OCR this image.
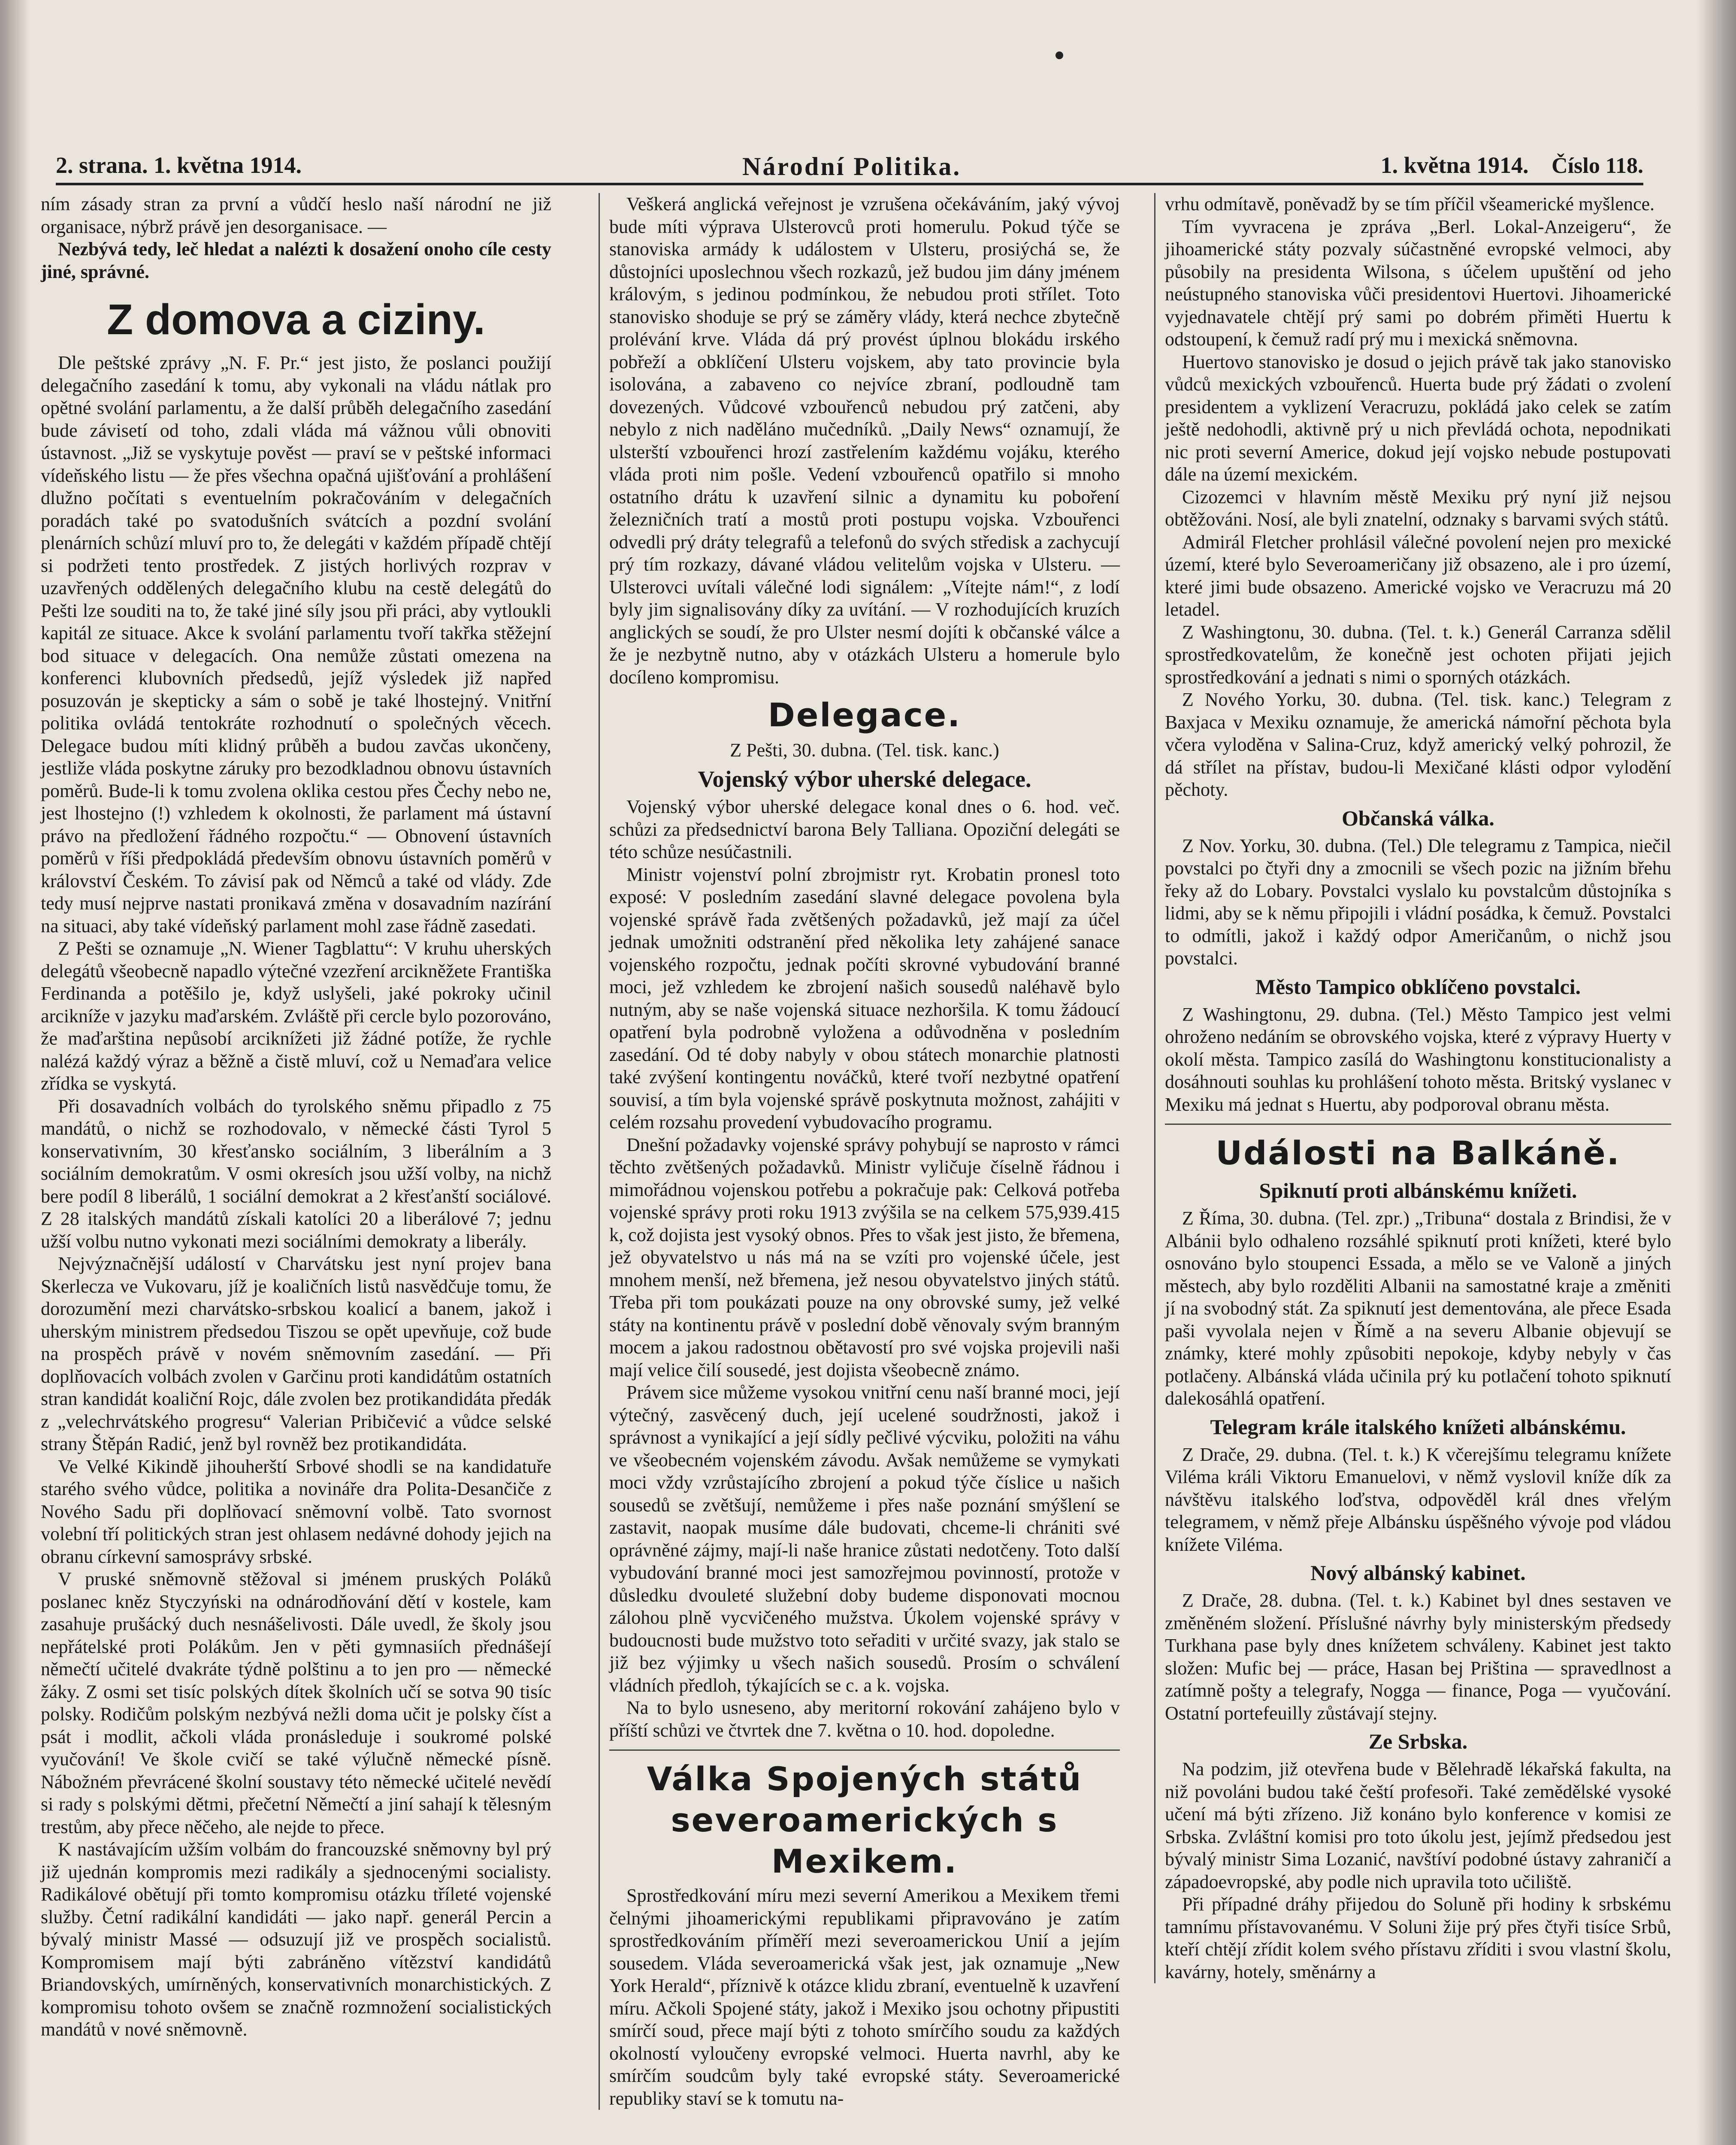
2. strana. 1. května 1914.	Národní Politika.	1. května 1914. Číslo 118.

ním zásady stran za první a vůdčí heslo naší národní ne již organisace, nýbrž právě jen desorganisace. —

Nezbývá tedy, leč hledat a nalézti k dosažení onoho cíle cesty jiné, správné.

Z domova a ciziny.

Dle peštské zprávy „N. F. Pr.“ jest jisto, že poslanci použijí delegačního zasedání k tomu, aby vykonali na vládu nátlak pro opětné svolání parlamentu, a že další průběh delegačního zasedání bude závisetí od toho, zdali vláda má vážnou vůli obnoviti ústavnost. „Již se vyskytuje pověst — praví se v peštské informaci vídeňského listu — že přes všechna opačná ujišťování a prohlášení dlužno počítati s eventuelním pokračováním v delegačních poradách také po svatodušních svátcích a pozdní svolání plenárních schůzí mluví pro to, že delegáti v každém případě chtějí si podržeti tento prostředek. Z jistých horlivých rozprav v uzavřených oddělených delegačního klubu na cestě delegátů do Pešti lze souditi na to, že také jiné síly jsou při práci, aby vytloukli kapitál ze situace. Akce k svolání parlamentu tvoří takřka stěžejní bod situace v delegacích. Ona nemůže zůstati omezena na konferenci klubovních předsedů, jejíž výsledek již napřed posuzován je skepticky a sám o sobě je také lhostejný. Vnitřní politika ovládá tentokráte rozhodnutí o společných věcech. Delegace budou míti klidný průběh a budou zavčas ukončeny, jestliže vláda poskytne záruky pro bezodkladnou obnovu ústavních poměrů. Bude-li k tomu zvolena oklika cestou přes Čechy nebo ne, jest lhostejno (!) vzhledem k okolnosti, že parlament má ústavní právo na předložení řádného rozpočtu.“ — Obnovení ústavních poměrů v říši předpokládá především obnovu ústavních poměrů v království Českém. To závisí pak od Němců a také od vlády. Zde tedy musí nejprve nastati pronikavá změna v dosavadním nazírání na situaci, aby také vídeňský parlament mohl zase řádně zasedati.

Z Pešti se oznamuje „N. Wiener Tagblattu“: V kruhu uherských delegátů všeobecně napadlo výtečné vzezření arcikněžete Františka Ferdinanda a potěšilo je, když uslyšeli, jaké pokroky učinil arcikníže v jazyku maďarském. Zvláště při cercle bylo pozorováno, že maďarština nepůsobí arciknížeti již žádné potíže, že rychle nalézá každý výraz a běžně a čistě mluví, což u Nemaďara velice zřídka se vyskytá.

Při dosavadních volbách do tyrolského sněmu připadlo z 75 mandátů, o nichž se rozhodovalo, v německé části Tyrol 5 konservativním, 30 křesťansko sociálním, 3 liberálním a 3 sociálním demokratům. V osmi okresích jsou užší volby, na nichž bere podíl 8 liberálů, 1 sociální demokrat a 2 křesťanští sociálové. Z 28 italských mandátů získali katolíci 20 a liberálové 7; jednu užší volbu nutno vykonati mezi sociálními demokraty a liberály.

Nejvýznačnější událostí v Charvátsku jest nyní projev bana Skerlecza ve Vukovaru, jíž je koaličních listů nasvědčuje tomu, že dorozumění mezi charvátsko-srbskou koalicí a banem, jakož i uherským ministrem předsedou Tiszou se opět upevňuje, což bude na prospěch právě v novém sněmovním zasedání. — Při doplňovacích volbách zvolen v Garčinu proti kandidátům ostatních stran kandidát koaliční Rojc, dále zvolen bez protikandidáta předák z „velechrvátského progresu“ Valerian Pribičević a vůdce selské strany Štěpán Radić, jenž byl rovněž bez protikandidáta.

Ve Velké Kikindě jihouherští Srbové shodli se na kandidatuře starého svého vůdce, politika a novináře dra Polita-Desančiče z Nového Sadu při doplňovací sněmovní volbě. Tato svornost volební tří politických stran jest ohlasem nedávné dohody jejich na obranu církevní samosprávy srbské.

V pruské sněmovně stěžoval si jménem pruských Poláků poslanec kněz Styczyński na odnárodňování dětí v kostele, kam zasahuje prušácký duch nesnášelivosti. Dále uvedl, že školy jsou nepřátelské proti Polákům. Jen v pěti gymnasiích přednášejí němečtí učitelé dvakráte týdně polštinu a to jen pro — německé žáky. Z osmi set tisíc polských dítek školních učí se sotva 90 tisíc polsky. Rodičům polským nezbývá nežli doma učit je polsky číst a psát i modlit, ačkoli vláda pronásleduje i soukromé polské vyučování! Ve škole cvičí se také výlučně německé písně. Nábožném převrácené školní soustavy této německé učitelé nevědí si rady s polskými dětmi, přečetní Němečtí a jiní sahají k tělesným trestům, aby přece něčeho, ale nejde to přece.

K nastávajícím užším volbám do francouzské sněmovny byl prý již ujednán kompromis mezi radikály a sjednocenými socialisty. Radikálové obětují při tomto kompromisu otázku tříleté vojenské služby. Četní radikální kandidáti — jako např. generál Percin a bývalý ministr Massé — odsuzují již ve prospěch socialistů. Kompromisem mají býti zabráněno vítězství kandidátů Briandovských, umírněných, konservativních monarchistických. Z kompromisu tohoto ovšem se značně rozmnožení socialistických mandátů v nové sněmovně.

Veškerá anglická veřejnost je vzrušena očekáváním, jaký vývoj bude míti výprava Ulsterovců proti homerulu. Pokud týče se stanoviska armády k událostem v Ulsteru, prosiýchá se, že důstojníci uposlechnou všech rozkazů, jež budou jim dány jménem královým, s jedinou podmínkou, že nebudou proti střílet. Toto stanovisko shoduje se prý se záměry vlády, která nechce zbytečně prolévání krve. Vláda dá prý provést úplnou blokádu irského pobřeží a obklíčení Ulsteru vojskem, aby tato provincie byla isolována, a zabaveno co nejvíce zbraní, podloudně tam dovezených. Vůdcové vzbouřenců nebudou prý zatčeni, aby nebylo z nich naděláno mučedníků. „Daily News“ oznamují, že ulsterští vzbouřenci hrozí zastřelením každému vojáku, kterého vláda proti nim pošle. Vedení vzbouřenců opatřilo si mnoho ostatního drátu k uzavření silnic a dynamitu ku poboření železničních tratí a mostů proti postupu vojska. Vzbouřenci odvedli prý dráty telegrafů a telefonů do svých středisk a zachycují prý tím rozkazy, dávané vládou velitelům vojska v Ulsteru. — Ulsterovci uvítali válečné lodi signálem: „Vítejte nám!“, z lodí byly jim signalisovány díky za uvítání. — V rozhodujících kruzích anglických se soudí, že pro Ulster nesmí dojíti k občanské válce a že je nezbytně nutno, aby v otázkách Ulsteru a homerule bylo docíleno kompromisu.

Delegace.
Z Pešti, 30. dubna. (Tel. tisk. kanc.)
Vojenský výbor uherské delegace.

Vojenský výbor uherské delegace konal dnes o 6. hod. več. schůzi za předsednictví barona Bely Tallianа. Opoziční delegáti se této schůze nesúčastnili.

Ministr vojenství polní zbrojmistr ryt. Krobatin pronesl toto exposé: V posledním zasedání slavné delegace povolena byla vojenské správě řada zvětšených požadavků, jež mají za účel jednak umožniti odstranění před několika lety zahájené sanace vojenského rozpočtu, jednak počíti skrovné vybudování branné moci, jež vzhledem ke zbrojení našich sousedů naléhavě bylo nutným, aby se naše vojenská situace nezhoršila. K tomu žádoucí opatření byla podrobně vyložena a odůvodněna v posledním zasedání. Od té doby nabyly v obou státech monarchie platnosti také zvýšení kontingentu nováčků, které tvoří nezbytné opatření souvisí, a tím byla vojenské správě poskytnuta možnost, zahájiti v celém rozsahu provedení vybudovacího programu.

Dnešní požadavky vojenské správy pohybují se naprosto v rámci těchto zvětšených požadavků. Ministr vyličuje číselně řádnou i mimořádnou vojenskou potřebu a pokračuje pak: Celková potřeba vojenské správy proti roku 1913 zvýšila se na celkem 575,939.415 k, což dojista jest vysoký obnos. Přes to však jest jisto, že břemena, jež obyvatelstvo u nás má na se vzíti pro vojenské účele, jest mnohem menší, než břemena, jež nesou obyvatelstvo jiných států. Třeba při tom poukázati pouze na ony obrovské sumy, jež velké státy na kontinentu právě v poslední době věnovaly svým branným mocem a jakou radostnou obětavostí pro své vojska projevili naši mají velice čilí sousedé, jest dojista všeobecně známo.

Právem sice můžeme vysokou vnitřní cenu naší branné moci, její výtečný, zasvěcený duch, její ucelené soudržnosti, jakož i správnost a vynikající a její sídly pečlivé výcviku, položiti na váhu ve všeobecném vojenském závodu. Avšak nemůžeme se vymykati moci vždy vzrůstajícího zbrojení a pokud týče číslice u našich sousedů se zvětšují, nemůžeme i přes naše poznání smýšlení se zastavit, naopak musíme dále budovati, chceme-li chrániti své oprávněné zájmy, mají-li naše hranice zůstati nedotčeny. Toto další vybudování branné moci jest samozřejmou povinností, protože v důsledku dvouleté služební doby budeme disponovati mocnou zálohou plně vycvičeného mužstva. Úkolem vojenské správy v budoucnosti bude mužstvo toto seřaditi v určité svazy, jak stalo se již bez výjimky u všech našich sousedů. Prosím o schválení vládních předloh, týkajících se c. a k. vojska.

Na to bylo usneseno, aby meritorní rokování zahájeno bylo v příští schůzi ve čtvrtek dne 7. května o 10. hod. dopoledne.

Válka Spojených států severoamerických s Mexikem.

Sprostředkování míru mezi severní Amerikou a Mexikem třemi čelnými jihoamerickými republikami připravováno je zatím sprostředkováním příměří mezi severoamerickou Unií a jejím sousedem. Vláda severoamerická však jest, jak oznamuje „New York Herald“, příznivě k otázce klidu zbraní, eventuelně k uzavření míru. Ačkoli Spojené státy, jakož i Mexiko jsou ochotny připustiti smírčí soud, přece mají býti z tohoto smírčího soudu za každých okolností vyloučeny evropské velmoci. Huerta navrhl, aby ke smírčím soudcům byly také evropské státy. Severoamerické republiky staví se k tomutu na-

vrhu odmítavě, poněvadž by se tím příčil všeamerické myšlence.

Tím vyvracena je zpráva „Berl. Lokal-Anzeigeru“, že jihoamerické státy pozvaly súčastněné evropské velmoci, aby působily na presidenta Wilsona, s účelem upuštění od jeho neústupného stanoviska vůči presidentovi Huertovi. Jihoamerické vyjednavatele chtějí prý sami po dobrém přiměti Huertu k odstoupení, k čemuž radí prý mu i mexická sněmovna.

Huertovo stanovisko je dosud o jejich právě tak jako stanovisko vůdců mexických vzbouřenců. Huerta bude prý žádati o zvolení presidentem a vyklizení Veracruzu, pokládá jako celek se zatím ještě nedohodli, aktivně prý u nich převládá ochota, nepodnikati nic proti severní Americe, dokud její vojsko nebude postupovati dále na území mexickém.

Cizozemci v hlavním městě Mexiku prý nyní již nejsou obtěžováni. Nosí, ale byli znatelní, odznaky s barvami svých států.

Admirál Fletcher prohlásil válečné povolení nejen pro mexické území, které bylo Severoameričany již obsazeno, ale i pro území, které jimi bude obsazeno. Americké vojsko ve Veracruzu má 20 letadel.

Z Washingtonu, 30. dubna. (Tel. t. k.) Generál Carranza sdělil sprostředkovatelům, že konečně jest ochoten přijati jejich sprostředkování a jednati s nimi o sporných otázkách.

Z Nového Yorku, 30. dubna. (Tel. tisk. kanc.) Telegram z Baxjaca v Mexiku oznamuje, že americká námořní pěchota byla včera vyloděna v Salina-Cruz, když americký velký pohrozil, že dá střílet na přístav, budou-li Mexičané klásti odpor vylodění pěchoty.

Občanská válka.

Z Nov. Yorku, 30. dubna. (Tel.) Dle telegramu z Tampica, niečil povstalci po čtyři dny a zmocnili se všech pozic na jižním břehu řeky až do Lobary. Povstalci vyslalo ku povstalcům důstojníka s lidmi, aby se k němu připojili i vládní posádka, k čemuž. Povstalci to odmítli, jakož i každý odpor Američanům, o nichž jsou povstalci.

Město Tampico obklíčeno povstalci.

Z Washingtonu, 29. dubna. (Tel.) Město Tampico jest velmi ohroženo nedáním se obrovského vojska, které z výpravy Huerty v okolí města. Tampico zasílá do Washingtonu konstitucionalisty a dosáhnouti souhlas ku prohlášení tohoto města. Britský vyslanec v Mexiku má jednat s Huertu, aby podporoval obranu města.

Události na Balkáně.
Spiknutí proti albánskému knížeti.

Z Říma, 30. dubna. (Tel. zpr.) „Tribuna“ dostala z Brindisi, že v Albánii bylo odhaleno rozsáhlé spiknutí proti knížeti, které bylo osnováno bylo stoupenci Essada, a mělo se ve Valoně a jiných městech, aby bylo rozděliti Albanii na samostatné kraje a změniti jí na svobodný stát. Za spiknutí jest dementována, ale přece Esada paši vyvolala nejen v Římě a na severu Albanie objevují se známky, které mohly způsobiti nepokoje, kdyby nebyly v čas potlačeny. Albánská vláda učinila prý ku potlačení tohoto spiknutí dalekosáhlá opatření.

Telegram krále italského knížeti albánskému.

Z Drače, 29. dubna. (Tel. t. k.) K včerejšímu telegramu knížete Viléma králi Viktoru Emanuelovi, v němž vyslovil kníže dík za návštěvu italského loďstva, odpověděl král dnes vřelým telegramem, v němž přeje Albánsku úspěšného vývoje pod vládou knížete Viléma.

Nový albánský kabinet.

Z Drače, 28. dubna. (Tel. t. k.) Kabinet byl dnes sestaven ve změněném složení. Příslušné návrhy byly ministerským předsedy Turkhana pase byly dnes knížetem schváleny. Kabinet jest takto složen: Mufic bej — práce, Hasan bej Priština — spravedlnost a zatímně pošty a telegrafy, Nogga — finance, Poga — vyučování. Ostatní portefeuilly zůstávají stejny.

Ze Srbska.

Na podzim, již otevřena bude v Bělehradě lékařská fakulta, na niž povoláni budou také čeští profesoři. Také zemědělské vysoké učení má býti zřízeno. Již konáno bylo konference v komisi ze Srbska. Zvláštní komisi pro toto úkolu jest, jejímž předsedou jest bývalý ministr Sima Lozanić, navštíví podobné ústavy zahraničí a západoevropské, aby podle nich upravila toto učiliště.

Při případné dráhy přijedou do Soluně při hodiny k srbskému tamnímu přístavovanému. V Soluni žije prý přes čtyři tisíce Srbů, kteří chtějí zřídit kolem svého přístavu zříditi i svou vlastní školu, kavárny, hotely, směnárny a
